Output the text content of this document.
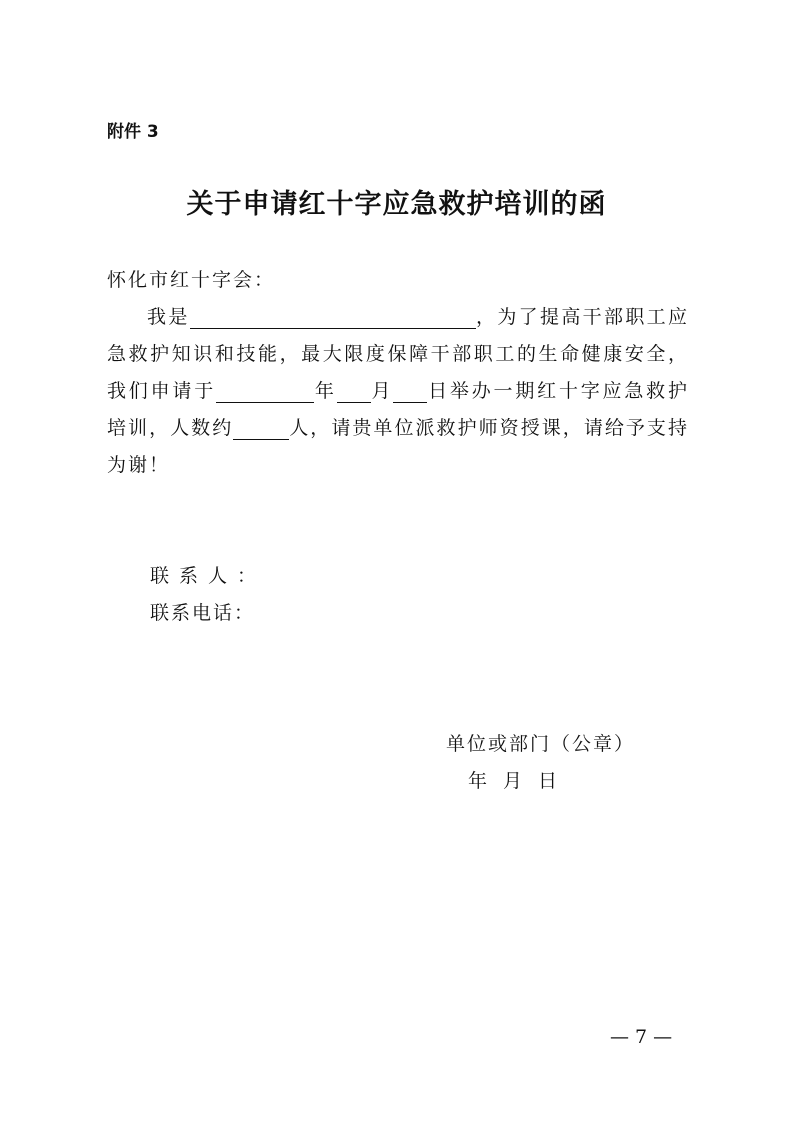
附件 3
关于申请红十字应急救护培训的函

怀化市红十字会：

我是	，为了提高干部职工应急救护知识和技能，最大限度保障干部职工的生命健康安全，我们申请于	年 月 日举办一期红十字应急救护培训，人数约	人，请贵单位派救护师资授课，请给予支持为谢！

联系人：

联系电话：

单位或部门（公章）

年 月 日

— 7 —
